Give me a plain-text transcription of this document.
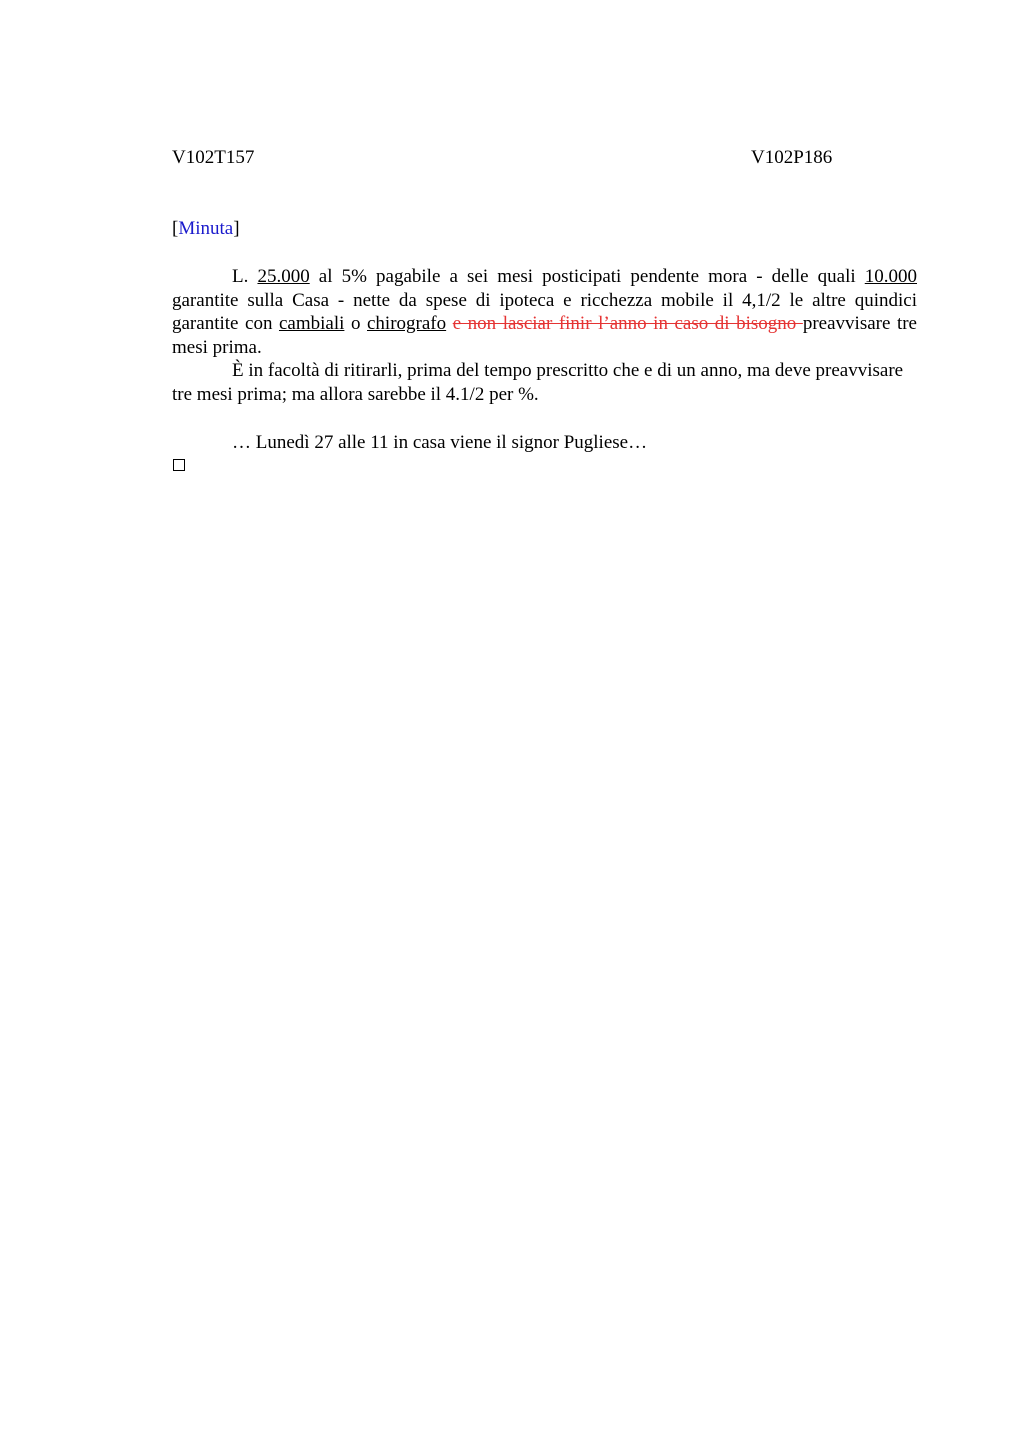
V102T157	V102P186
[Minuta]

L. 25.000 al 5% pagabile a sei mesi posticipati pendente mora - delle quali 10.000 garantite sulla Casa - nette da spese di ipoteca e ricchezza mobile il 4,1/2 le altre quindici garantite con cambiali o chirografo e non lasciar finir l’anno in caso di bisogno preavvisare tre mesi prima.

È in facoltà di ritirarli, prima del tempo prescritto che e di un anno, ma deve preavvisare tre mesi prima; ma allora sarebbe il 4.1/2 per %.

… Lunedì 27 alle 11 in casa viene il signor Pugliese…
